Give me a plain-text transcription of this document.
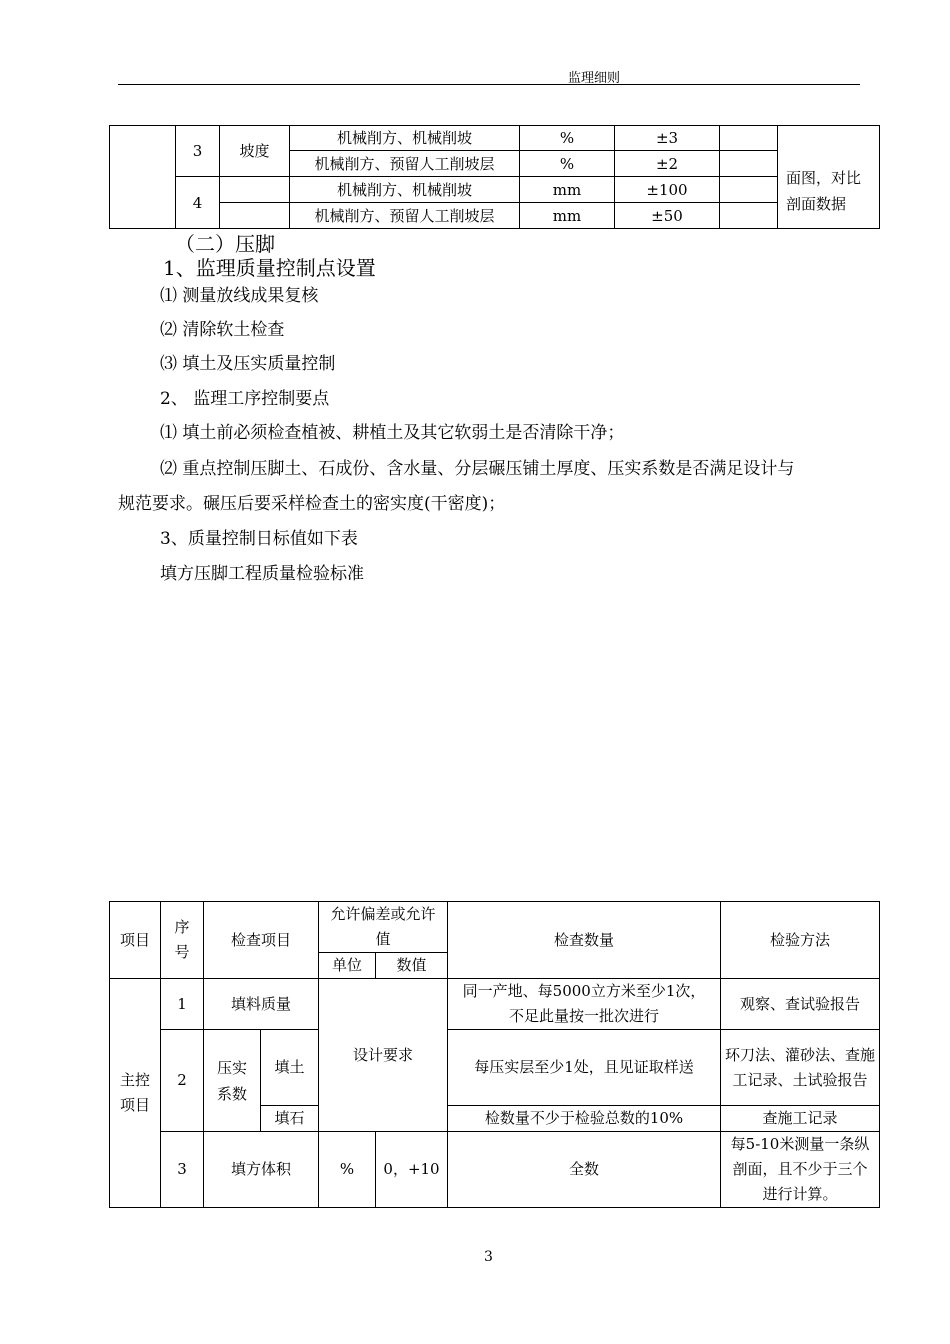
监理细则
	3	坡度	机械削方、机械削坡	%	±3		面图，对比剖面数据

			机械削方、预留人工削坡层	%	±2		
	4		机械削方、机械削坡	mm	±100		
			机械削方、预留人工削坡层	mm	±50		
（二）压脚
1、监理质量控制点设置
⑴ 测量放线成果复核
⑵ 清除软土检查
⑶ 填土及压实质量控制
2、 监理工序控制要点
⑴ 填土前必须检查植被、耕植土及其它软弱土是否清除干净；
⑵ 重点控制压脚土、石成份、含水量、分层碾压铺土厚度、压实系数是否满足设计与
规范要求。碾压后要采样检查土的密实度(干密度)；
3、质量控制日标值如下表
填方压脚工程质量检验标准
项目	序号	检查项目		允许偏差或允许值		检查数量	检验方法
				单位	数值		

主控项目	1	填料质量		设计要求		同一产地、每5000立方米至少1次，不足此量按一批次进行	观察、查试验报告
	2	压实系数	填土			每压实层至少1处，且见证取样送	环刀法、灌砂法、查施工记录、土试验报告

			填石			检数量不少于检验总数的10%	查施工记录
	3	填方体积		%	0，+10	全数	每5-10米测量一条纵剖面，且不少于三个进行计算。
3
